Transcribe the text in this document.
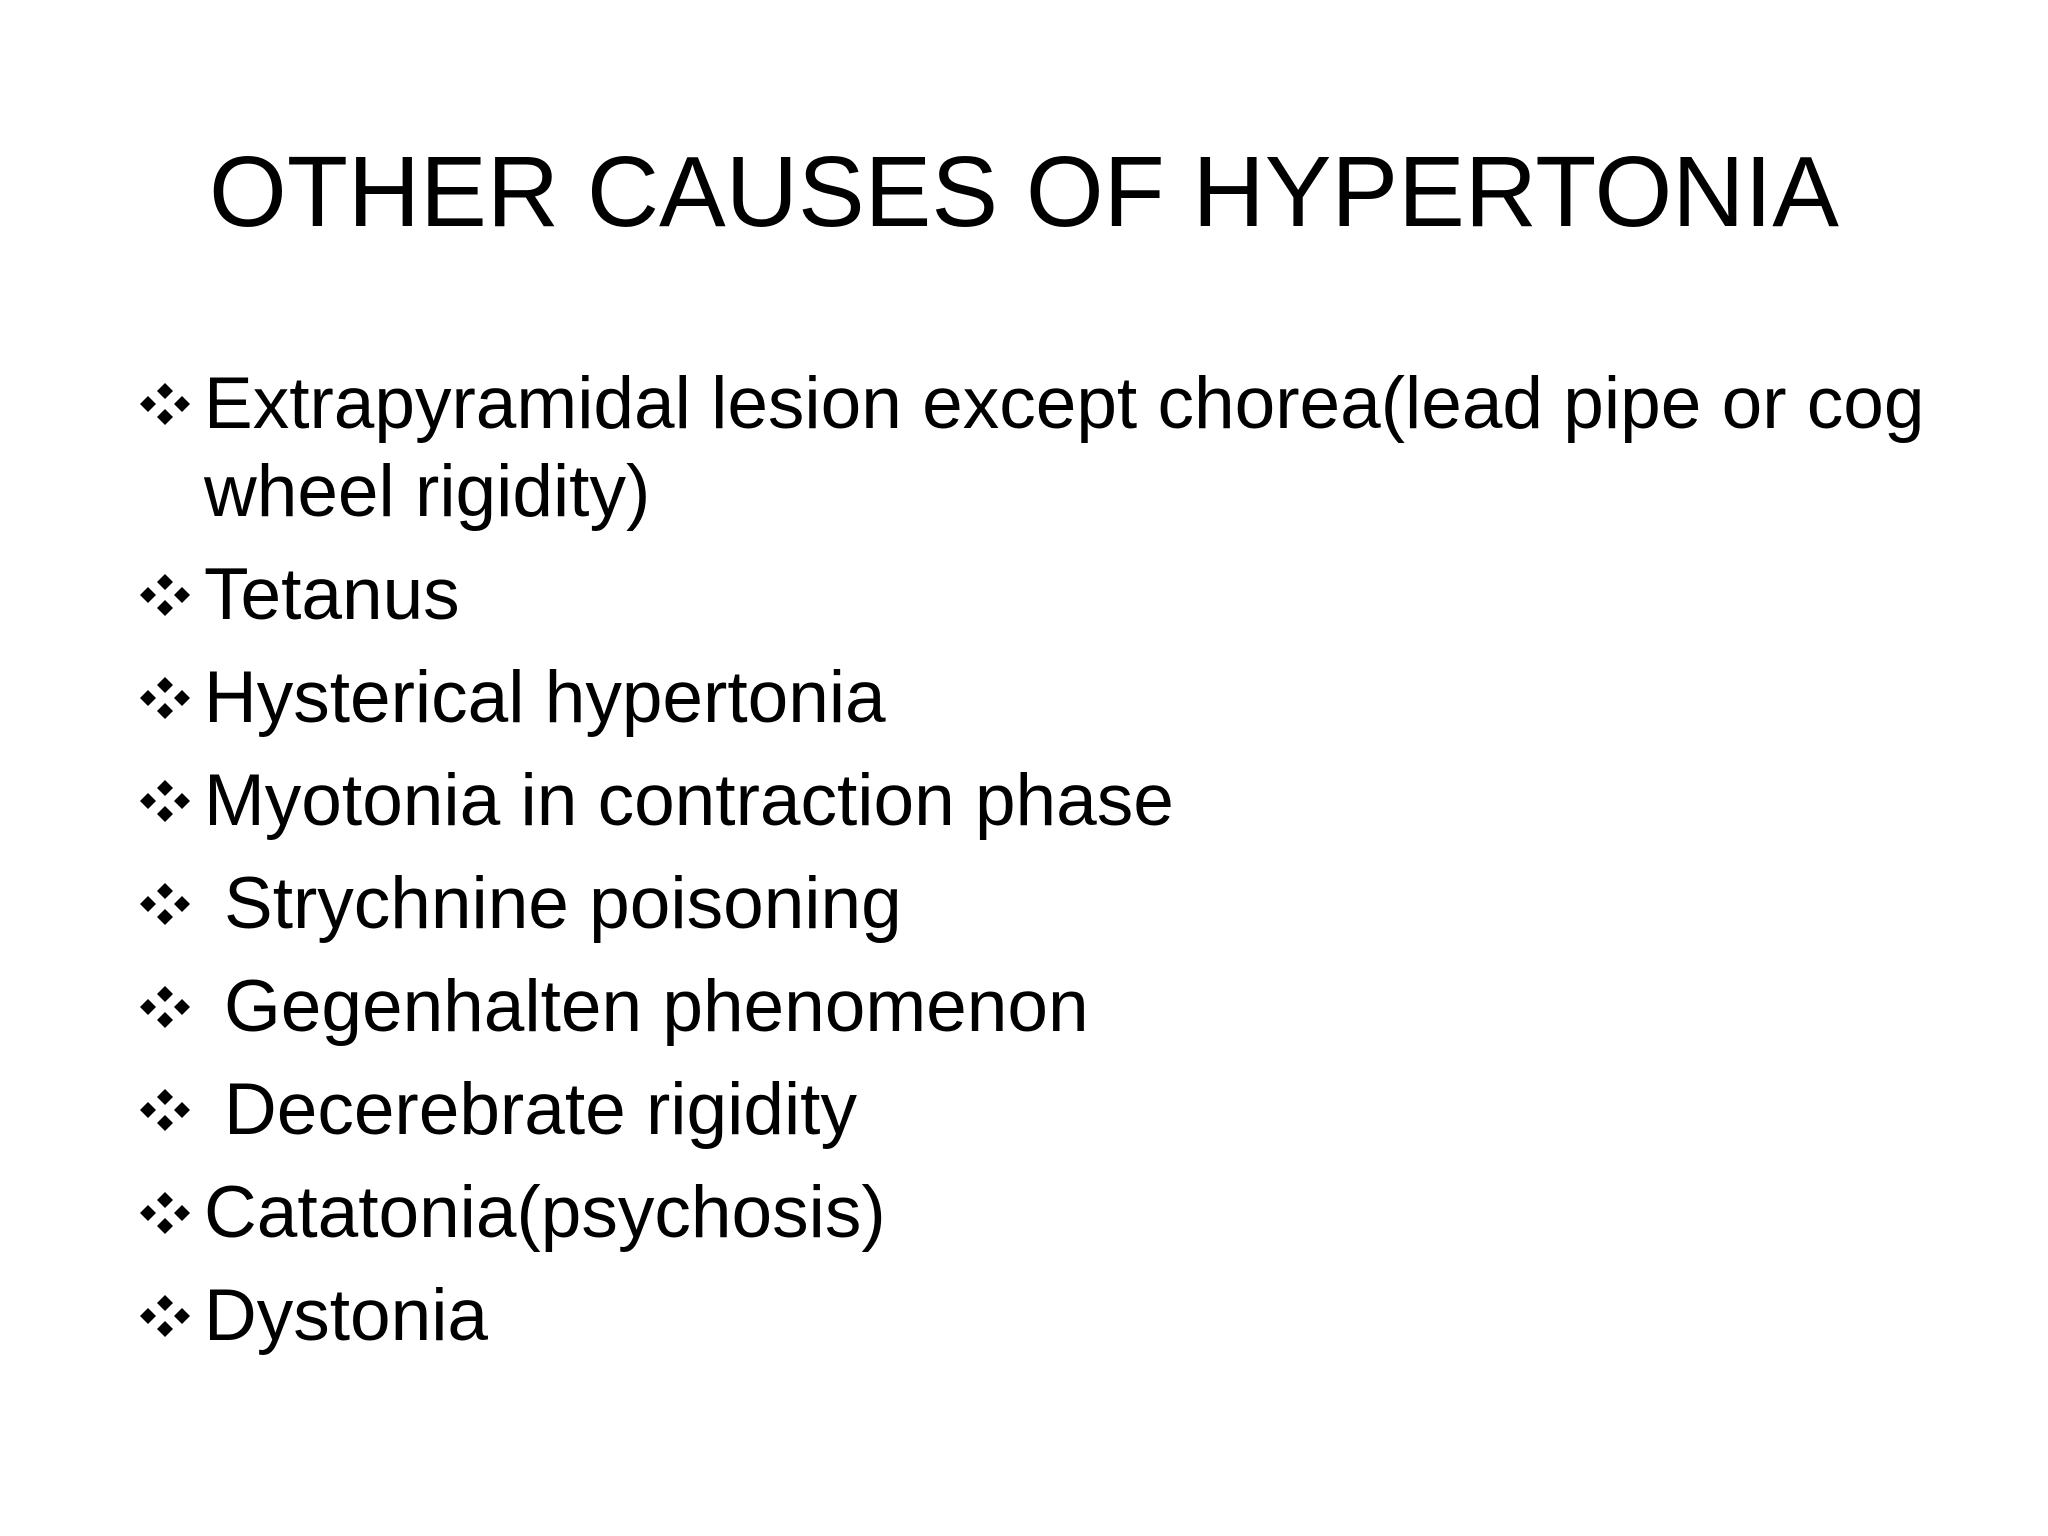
OTHER CAUSES OF HYPERTONIA
Extrapyramidal lesion except chorea(lead pipe or cog wheel rigidity)
Tetanus
Hysterical hypertonia
Myotonia in contraction phase
Strychnine poisoning
Gegenhalten phenomenon
Decerebrate rigidity
Catatonia(psychosis)
Dystonia
